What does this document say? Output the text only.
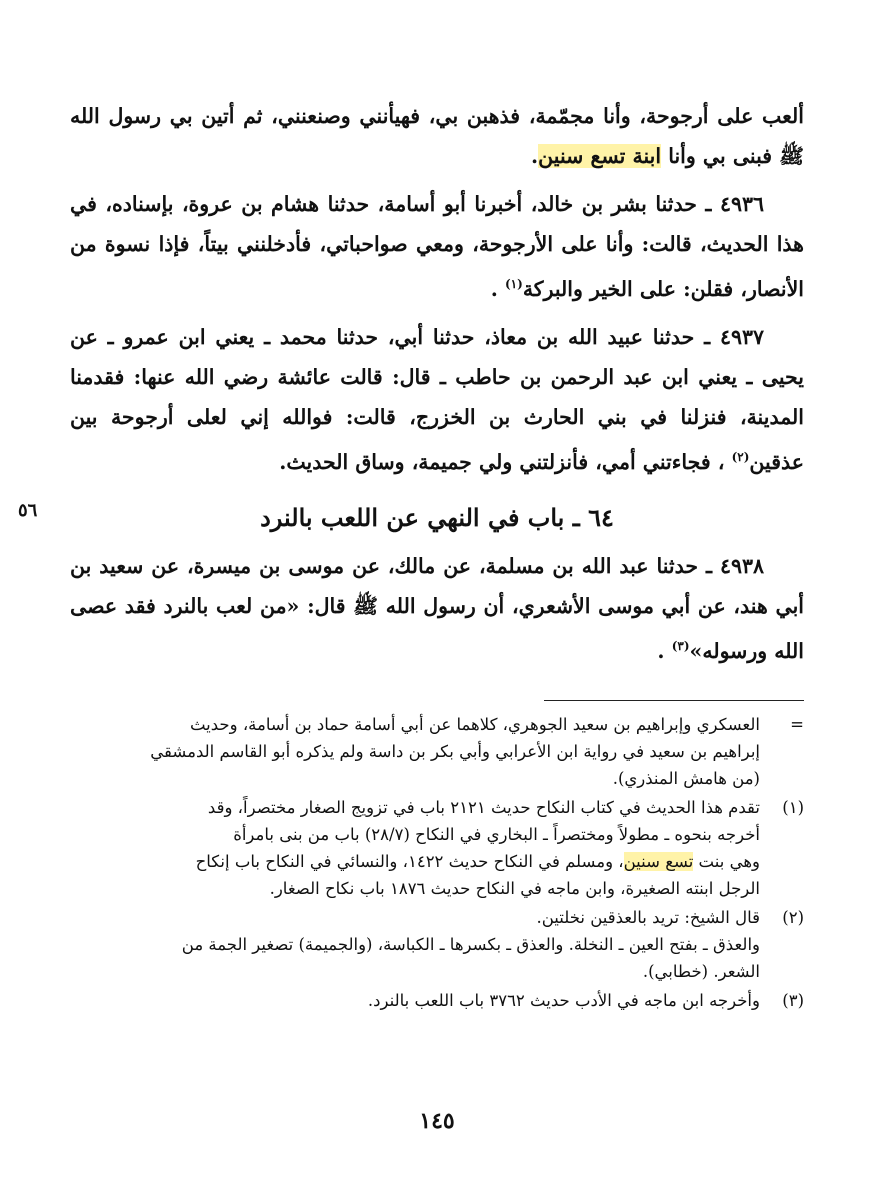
ألعب على أرجوحة، وأنا مجمّمة، فذهبن بي، فهيأنني وصنعنني، ثم أتين بي رسول الله ﷺ فبنى بي وأنا ابنة تسع سنين.

٤٩٣٦ ـ حدثنا بشر بن خالد، أخبرنا أبو أسامة، حدثنا هشام بن عروة، بإسناده، في هذا الحديث، قالت: وأنا على الأرجوحة، ومعي صواحباتي، فأدخلنني بيتاً، فإذا نسوة من الأنصار، فقلن: على الخير والبركة$^{(١)}$ .

٤٩٣٧ ـ حدثنا عبيد الله بن معاذ، حدثنا أبي، حدثنا محمد ـ يعني ابن عمرو ـ عن يحيى ـ يعني ابن عبد الرحمن بن حاطب ـ قال: قالت عائشة رضي الله عنها: فقدمنا المدينة، فنزلنا في بني الحارث بن الخزرج، قالت: فوالله إني لعلى أرجوحة بين عذقين$^{(٢)}$ ، فجاءتني أمي، فأنزلتني ولي جميمة، وساق الحديث.

٦٤ ـ باب في النهي عن اللعب بالنرد
٥٦

٤٩٣٨ ـ حدثنا عبد الله بن مسلمة، عن مالك، عن موسى بن ميسرة، عن سعيد بن أبي هند، عن أبي موسى الأشعري، أن رسول الله ﷺ قال: «من لعب بالنرد فقد عصى الله ورسوله»$^{(٣)}$ .

=
العسكري وإبراهيم بن سعيد الجوهري، كلاهما عن أبي أسامة حماد بن أسامة، وحديث
إبراهيم بن سعيد في رواية ابن الأعرابي وأبي بكر بن داسة ولم يذكره أبو القاسم الدمشقي
(من هامش المنذري).
(١)
تقدم هذا الحديث في كتاب النكاح حديث ٢١٢١ باب في تزويج الصغار مختصراً، وقد
أخرجه بنحوه ـ مطولاً ومختصراً ـ البخاري في النكاح (٢٨/٧) باب من بنى بامرأة
وهي بنت تسع سنين، ومسلم في النكاح حديث ١٤٢٢، والنسائي في النكاح باب إنكاح
الرجل ابنته الصغيرة، وابن ماجه في النكاح حديث ١٨٧٦ باب نكاح الصغار.
(٢)
قال الشيخ: تريد بالعذقين نخلتين.
والعذق ـ بفتح العين ـ النخلة. والعذق ـ بكسرها ـ الكباسة، (والجميمة) تصغير الجمة من
الشعر. (خطابي).
(٣)
وأخرجه ابن ماجه في الأدب حديث ٣٧٦٢ باب اللعب بالنرد.
١٤٥
